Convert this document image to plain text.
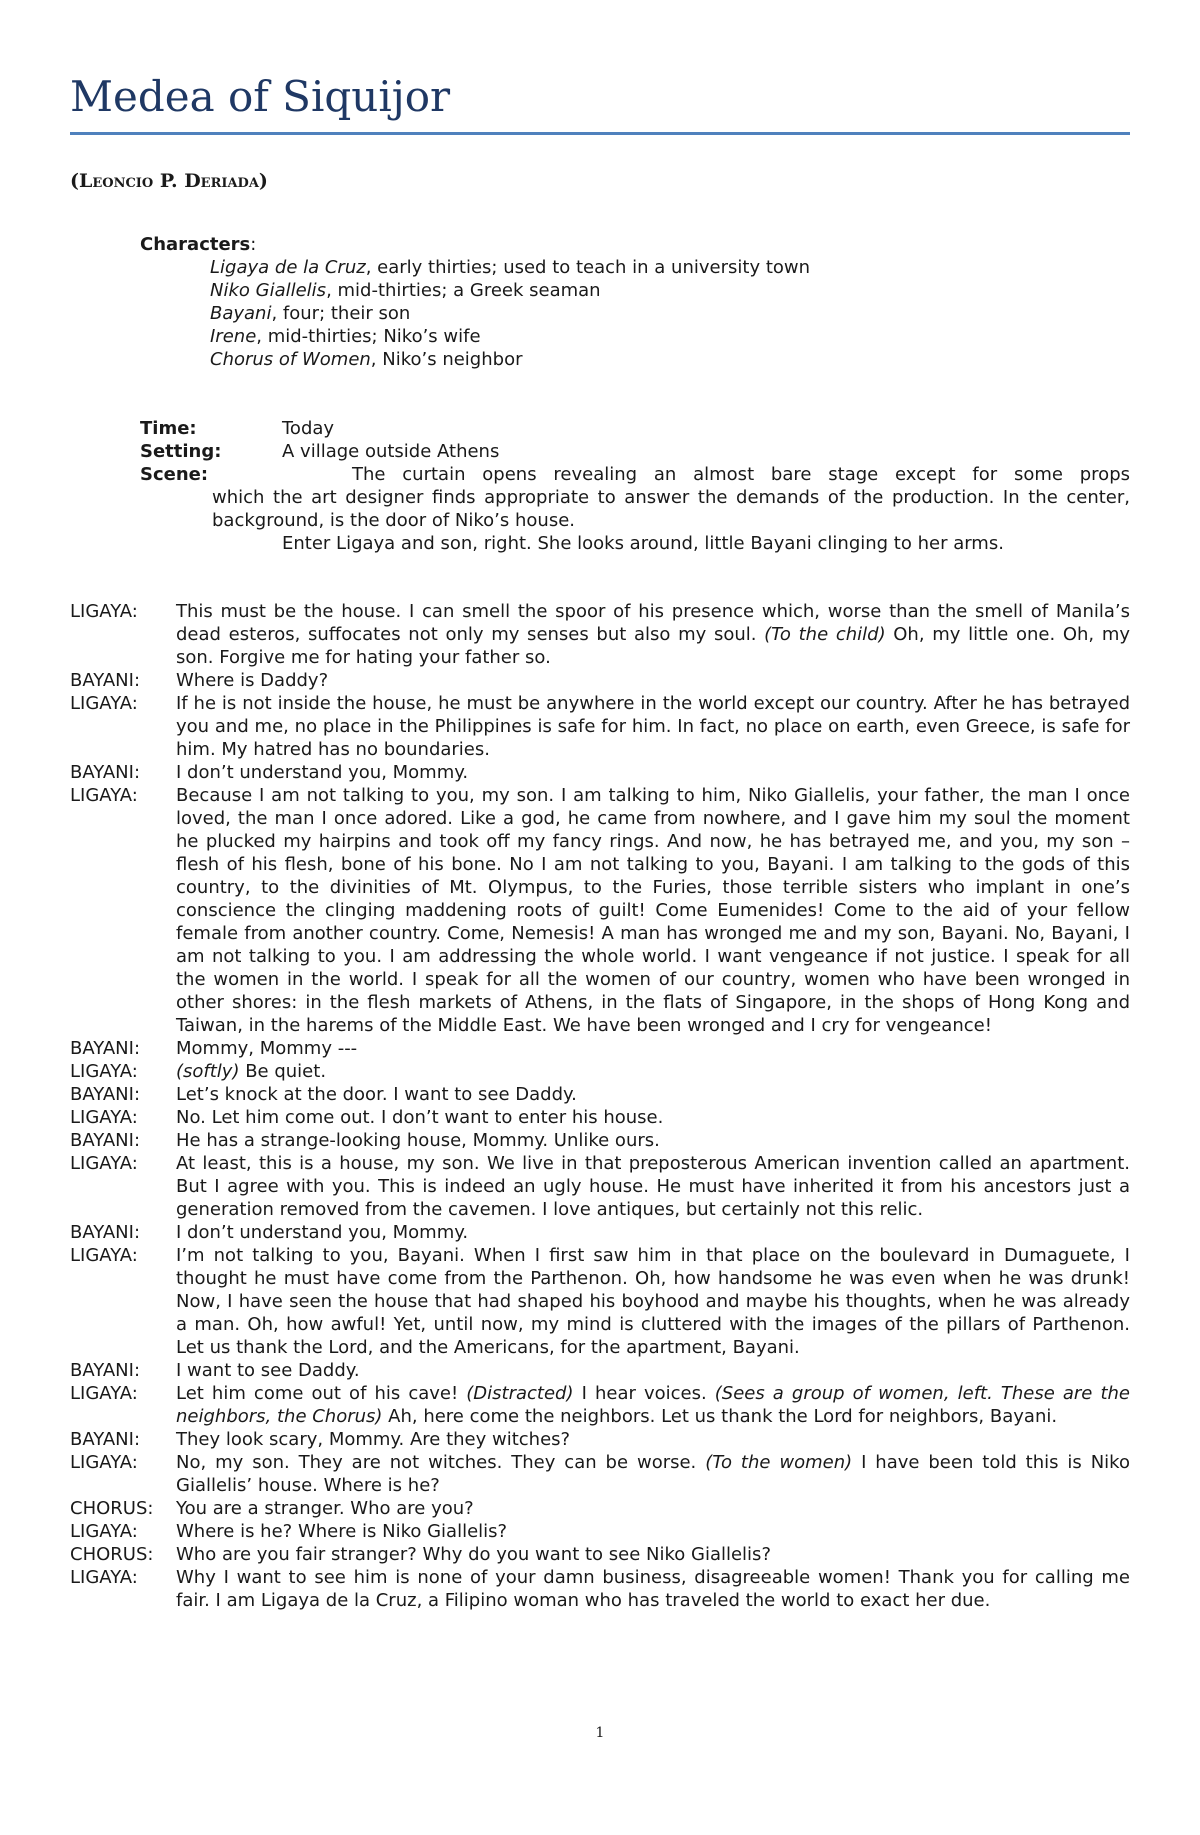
Medea of Siquijor
(Leoncio P. Deriada)
Characters:
Ligaya de la Cruz, early thirties; used to teach in a university town
Niko Giallelis, mid-thirties; a Greek seaman
Bayani, four; their son
Irene, mid-thirties; Niko’s wife
Chorus of Women, Niko’s neighbor
Time:	Today
Setting:	A village outside Athens
Scene:	The curtain opens revealing an almost bare stage except for some props
which the art designer finds appropriate to answer the demands of the production. In the center, background, is the door of Niko’s house.
Enter Ligaya and son, right. She looks around, little Bayani clinging to her arms.
LIGAYA:	This must be the house. I can smell the spoor of his presence which, worse than the smell of Manila’s dead esteros, suffocates not only my senses but also my soul. (To the child) Oh, my little one. Oh, my son. Forgive me for hating your father so.
BAYANI:	Where is Daddy?
LIGAYA:	If he is not inside the house, he must be anywhere in the world except our country. After he has betrayed you and me, no place in the Philippines is safe for him. In fact, no place on earth, even Greece, is safe for him. My hatred has no boundaries.
BAYANI:	I don’t understand you, Mommy.
LIGAYA:	Because I am not talking to you, my son. I am talking to him, Niko Giallelis, your father, the man I once loved, the man I once adored. Like a god, he came from nowhere, and I gave him my soul the moment he plucked my hairpins and took off my fancy rings. And now, he has betrayed me, and you, my son – flesh of his flesh, bone of his bone. No I am not talking to you, Bayani. I am talking to the gods of this country, to the divinities of Mt. Olympus, to the Furies, those terrible sisters who implant in one’s conscience the clinging maddening roots of guilt! Come Eumenides! Come to the aid of your fellow female from another country. Come, Nemesis! A man has wronged me and my son, Bayani. No, Bayani, I am not talking to you. I am addressing the whole world. I want vengeance if not justice. I speak for all the women in the world. I speak for all the women of our country, women who have been wronged in other shores: in the flesh markets of Athens, in the flats of Singapore, in the shops of Hong Kong and Taiwan, in the harems of the Middle East. We have been wronged and I cry for vengeance!
BAYANI:	Mommy, Mommy ---
LIGAYA:	(softly) Be quiet.
BAYANI:	Let’s knock at the door. I want to see Daddy.
LIGAYA:	No. Let him come out. I don’t want to enter his house.
BAYANI:	He has a strange-looking house, Mommy. Unlike ours.
LIGAYA:	At least, this is a house, my son. We live in that preposterous American invention called an apartment. But I agree with you. This is indeed an ugly house. He must have inherited it from his ancestors just a generation removed from the cavemen. I love antiques, but certainly not this relic.
BAYANI:	I don’t understand you, Mommy.
LIGAYA:	I’m not talking to you, Bayani. When I first saw him in that place on the boulevard in Dumaguete, I thought he must have come from the Parthenon. Oh, how handsome he was even when he was drunk! Now, I have seen the house that had shaped his boyhood and maybe his thoughts, when he was already a man. Oh, how awful! Yet, until now, my mind is cluttered with the images of the pillars of Parthenon. Let us thank the Lord, and the Americans, for the apartment, Bayani.
BAYANI:	I want to see Daddy.
LIGAYA:	Let him come out of his cave! (Distracted) I hear voices. (Sees a group of women, left. These are the neighbors, the Chorus) Ah, here come the neighbors. Let us thank the Lord for neighbors, Bayani.
BAYANI:	They look scary, Mommy. Are they witches?
LIGAYA:	No, my son. They are not witches. They can be worse. (To the women) I have been told this is Niko Giallelis’ house. Where is he?
CHORUS:	You are a stranger. Who are you?
LIGAYA:	Where is he? Where is Niko Giallelis?
CHORUS:	Who are you fair stranger? Why do you want to see Niko Giallelis?
LIGAYA:	Why I want to see him is none of your damn business, disagreeable women! Thank you for calling me fair. I am Ligaya de la Cruz, a Filipino woman who has traveled the world to exact her due.
1
